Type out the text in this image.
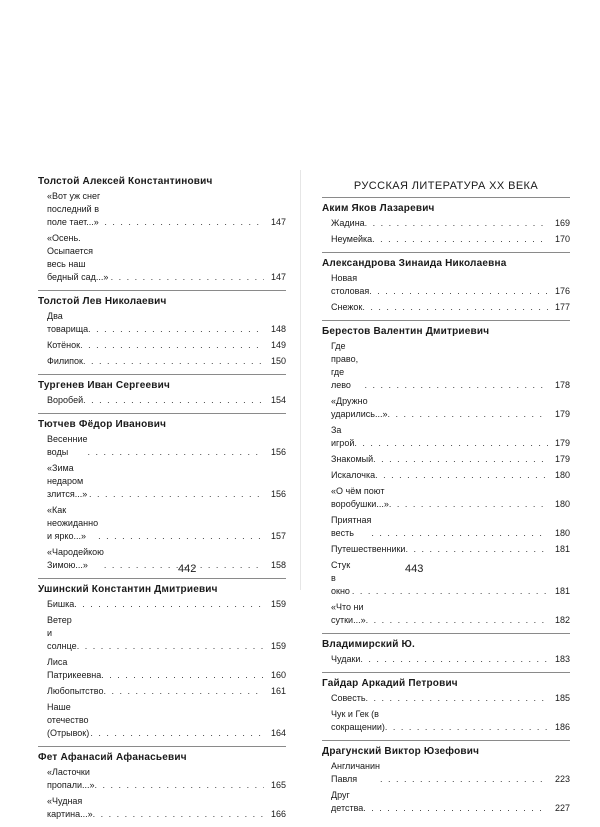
Толстой Алексей Константинович
«Вот уж снег последний в поле тает...» . . .	147
«Осень. Осыпается весь наш бедный сад...» . . .	147
Толстой Лев Николаевич
Два товарища . . .	148
Котёнок . . .	149
Филипок . . .	150
Тургенев Иван Сергеевич
Воробей . . .	154
Тютчев Фёдор Иванович
Весенние воды . . .	156
«Зима недаром злится...» . . .	156
«Как неожиданно и ярко...» . . .	157
«Чародейкою Зимою...» . . .	158
Ушинский Константин Дмитриевич
Бишка . . .	159
Ветер и солнце . . .	159
Лиса Патрикеевна . . .	160
Любопытство . . .	161
Наше отечество (Отрывок) . . .	164
Фет Афанасий Афанасьевич
«Ласточки пропали...» . . .	165
«Чудная картина...» . . .	166
РУССКАЯ ЛИТЕРАТУРА XX ВЕКА
Аким Яков Лазаревич
Жадина . . .	169
Неумейка . . .	170
Александрова Зинаида Николаевна
Новая столовая . . .	176
Снежок . . .	177
Берестов Валентин Дмитриевич
Где право, где лево . . .	178
«Дружно ударились...» . . .	179
За игрой . . .	179
Знакомый . . .	179
Искалочка . . .	180
«О чём поют воробушки...» . . .	180
Приятная весть . . .	180
Путешественники . . .	181
Стук в окно . . .	181
«Что ни сутки...» . . .	182
Владимирский Ю.
Чудаки . . .	183
Гайдар Аркадий Петрович
Совесть . . .	185
Чук и Гек (в сокращении) . . .	186
Драгунский Виктор Юзефович
Англичанин Павля . . .	223
Друг детства . . .	227
442	443
